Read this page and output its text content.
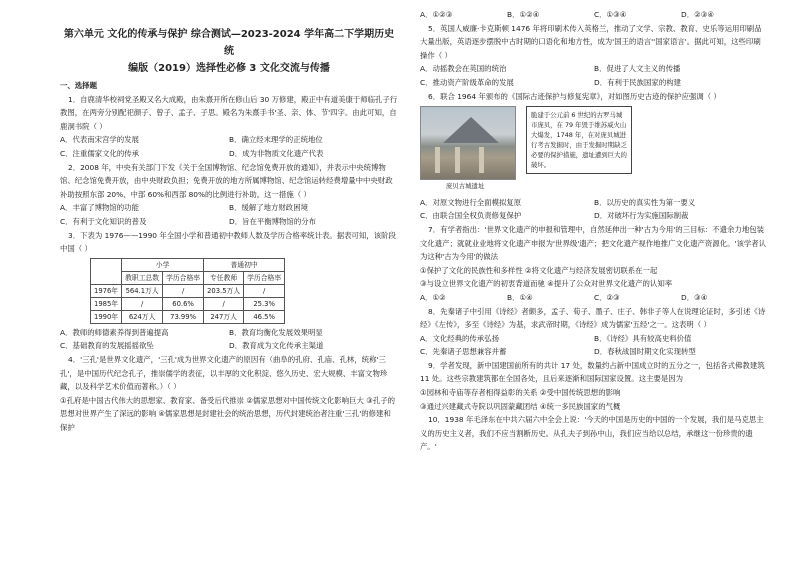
第六单元 文化的传承与保护 综合测试—2023-2024 学年高二下学期历史统
编版（2019）选择性必修 3 文化交流与传播

一、选择题

1．自鹿清华校祠党圣殿又名大成殿，由朱熹开所在修山后 30 万修建，殿正中有道美康于师临孔子行教图，在两旁分别配祀颜子、曾子、孟子、子思。殿名为朱熹手书'圣、亲、体、节'四字。由此可知，自鹿洞书院（ ）

A．代表南宋宫学的发展	B．确立经末理学的正统地位
C．注重儒家文化的传承	D．成为非物质文化遗产代表

2．2008 年，中央有关部门下发《关于全国博物馆、纪念馆免费开放的通知》，并表示中央统博物馆、纪念馆免费开放，由中央财政负担；免费开放的地方所属博物馆、纪念馆运转经费增量中中央财政补助按照东部 20%、中部 60%和西部 80%的比例进行补助。这一措施（ ）

A．丰富了博物馆的功能	B．缓解了地方财政困境
C．有利于文化知识的普及	D．旨在平衡博物馆的分布

3．下表为 1976——1990 年全国小学和普通初中教师人数及学历合格率统计表。据表可知，该阶段中国（ ）

	小学		普通初中	
	教职工总数	学历合格率	专任教师	学历合格率
1976年	564.1万人	/	203.5万人	/
1985年	/	60.6%	/	25.3%
1990年	624万人	73.99%	247万人	46.5%
A．教师的师德素养得到普遍提高	B．教育均衡化发展效果明显
C．基础教育的发展摇摇欲坠	D．教育成为文化传承主渠道

4．'三孔'是世界文化遗产，'三孔'成为世界文化遗产的原因有（曲阜的孔府、孔庙、孔林，统称'三孔'，是中国历代纪念孔子，推崇儒学的表征，以丰厚的文化积淀、悠久历史、宏大规模、丰富文物珍藏，以及科学艺术价值而著称。）（ ）

①孔府是中国古代伟大的思想家、教育家、备受后代推崇 ②儒家思想对中国传统文化影响巨大 ③孔子的思想对世界产生了深远的影响 ④儒家思想是封建社会的统治思想，历代封建统治者注重'三孔'的修建和保护

A．①②③	B．①②④	C．①③④	D．②③④

5．英国人威廉·卡克斯顿 1476 年将印刷术传入英格兰，推动了文学、宗教、教育、史乐等运用印刷品大量出版，英语逐步摆脱中古时期的口语化和地方性，成为'国王的语言''国家语言'。据此可知，这些印刷操作（ ）

A．动摇教会在英国的统治	B．促进了人文主义的传播
C．推动资产阶级革命的发展	D．有利于民族国家的构建

6．联合 1964 年颁布的《国际古迹保护与修复宪章》，对如图历史古迹的保护应强调（ ）

庞贝古城遗址
脆建于公元前 6 世纪的古罗马城市庞贝，在 79 年毁于维苏威火山大爆发，1748 年，在对庞贝城进行考古发掘时，由于发掘时期缺乏必要的保护措施，遗址遭到巨大的破坏。
A．对原文物进行全面模拟复原	B．以历史的真实性为第一要义
C．由联合国全权负责修复保护	D．对破坏行为实施国际制裁

7．有学者指出：'世界文化遗产的申报和管理中，自然延伸出一种'古为今用'的三目标：不遗余力地包装文化遗产；就就业业地将文化遗产申报为'世界级'遗产；把文化遗产视作地推广文化遗产资源化。'该学者认为这种'古为今用'的做法

①保护了文化的民族性和多样性 ②将文化遗产与经济发展密切联系在一起

③与设立世界文化遗产的初衷背道而驰 ④提升了公众对世界文化遗产的认知率

A．①②	B．①④	C．②③	D．③④

8．先秦诸子中引用《诗经》者颇多，孟子、荀子、墨子、庄子、韩非子等人在说理论证时，多引述《诗经》《左传》，多至《诗经》为基，求武帝时期，《诗经》成为儒家'五经'之一。这表明（ ）

A．文化经典的传承弘扬	B．《诗经》具有较高史料价值
C．先秦诸子思想兼容并蓄	D．春秋战国时期文化实现转型

9．学者发现，新中国建国前所有的共计 17 处，数量约占新中国成立时的五分之一，包括各式佛教建筑 11 处。这些宗教建筑都在全国各处，且后来逐渐和国际国家设置。这主要是因为

①园林和寺庙等存者相得益彰的关系 ②受中国传统思想的影响

③通过兴建藏式寺院以巩固蒙藏团结 ④统一多民族国家的气概

10．1938 年毛泽东在中共六届六中全会上说：'今天的中国是历史的中国的一个发展，我们是马克思主义的历史主义者，我们不应当割断历史。从孔夫子到孙中山，我们应当给以总结，承继这一份珍贵的遗产。'
